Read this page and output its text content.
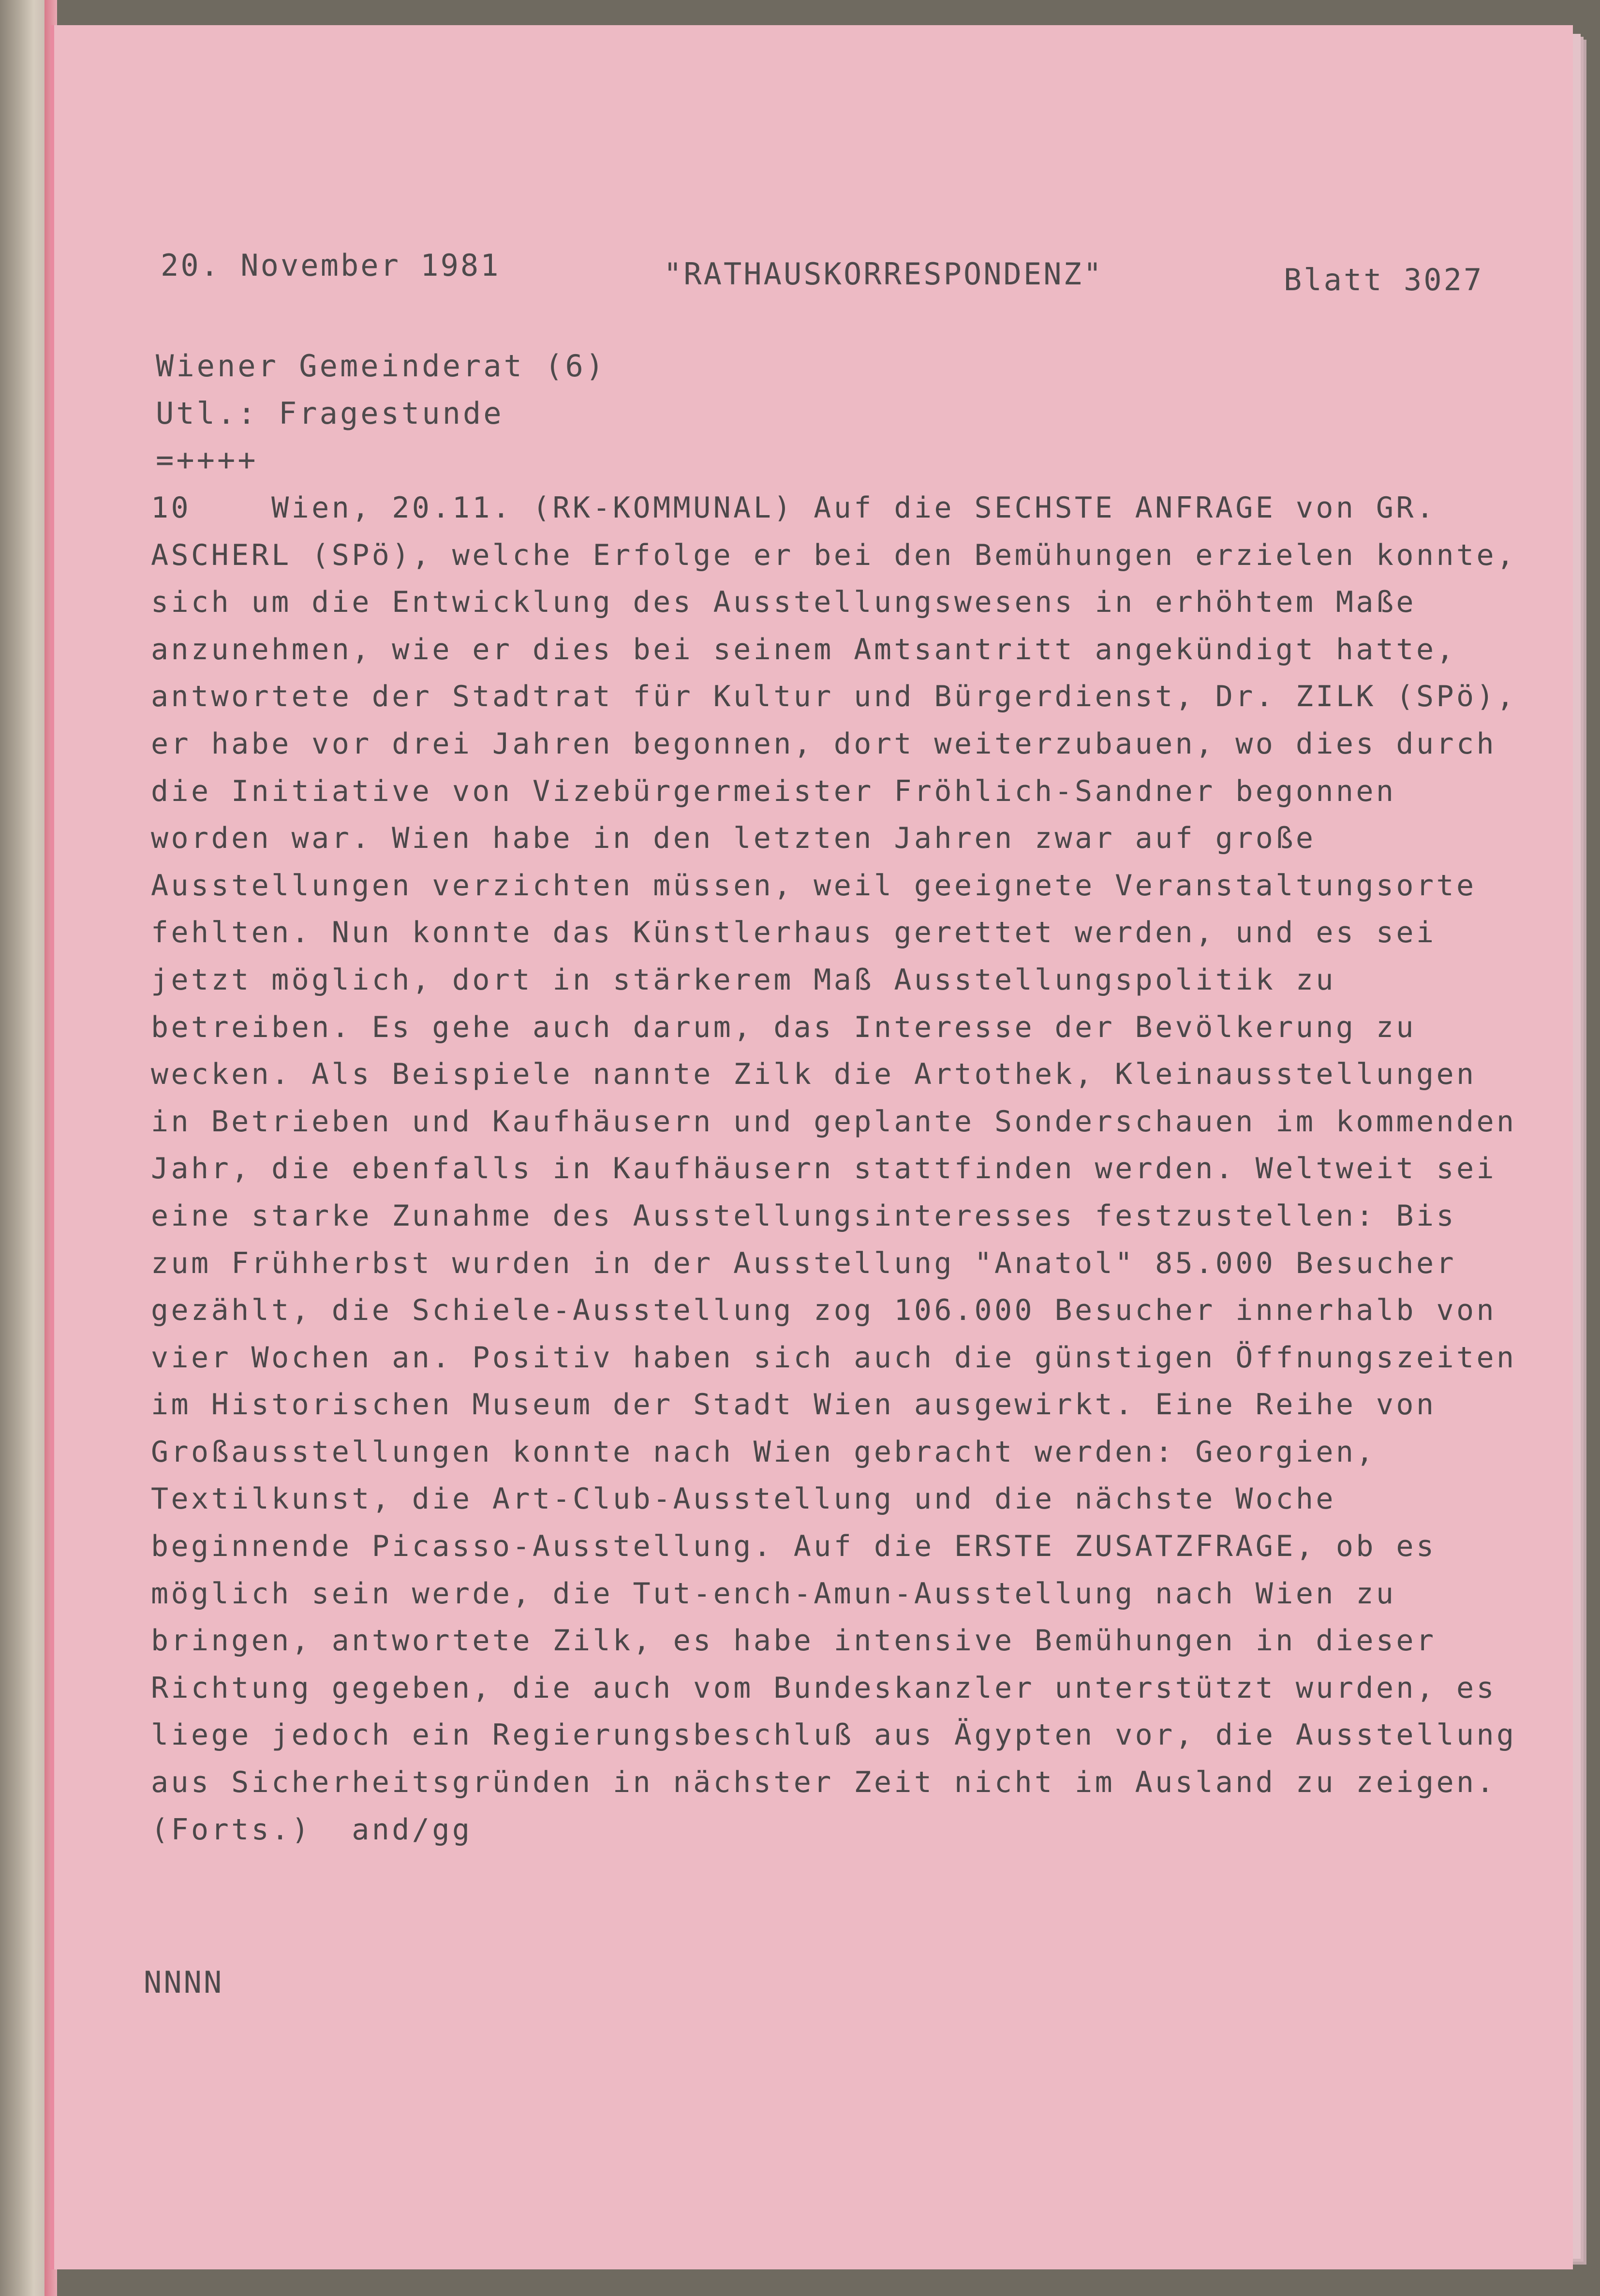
20. November 1981	"RATHAUSKORRESPONDENZ"	Blatt 3027
Wiener Gemeinderat (6)
Utl.: Fragestunde
=++++
10    Wien, 20.11. (RK-KOMMUNAL) Auf die SECHSTE ANFRAGE von GR.
ASCHERL (SPö), welche Erfolge er bei den Bemühungen erzielen konnte,
sich um die Entwicklung des Ausstellungswesens in erhöhtem Maße
anzunehmen, wie er dies bei seinem Amtsantritt angekündigt hatte,
antwortete der Stadtrat für Kultur und Bürgerdienst, Dr. ZILK (SPö),
er habe vor drei Jahren begonnen, dort weiterzubauen, wo dies durch
die Initiative von Vizebürgermeister Fröhlich-Sandner begonnen
worden war. Wien habe in den letzten Jahren zwar auf große
Ausstellungen verzichten müssen, weil geeignete Veranstaltungsorte
fehlten. Nun konnte das Künstlerhaus gerettet werden, und es sei
jetzt möglich, dort in stärkerem Maß Ausstellungspolitik zu
betreiben. Es gehe auch darum, das Interesse der Bevölkerung zu
wecken. Als Beispiele nannte Zilk die Artothek, Kleinausstellungen
in Betrieben und Kaufhäusern und geplante Sonderschauen im kommenden
Jahr, die ebenfalls in Kaufhäusern stattfinden werden. Weltweit sei
eine starke Zunahme des Ausstellungsinteresses festzustellen: Bis
zum Frühherbst wurden in der Ausstellung "Anatol" 85.000 Besucher
gezählt, die Schiele-Ausstellung zog 106.000 Besucher innerhalb von
vier Wochen an. Positiv haben sich auch die günstigen Öffnungszeiten
im Historischen Museum der Stadt Wien ausgewirkt. Eine Reihe von
Großausstellungen konnte nach Wien gebracht werden: Georgien,
Textilkunst, die Art-Club-Ausstellung und die nächste Woche
beginnende Picasso-Ausstellung. Auf die ERSTE ZUSATZFRAGE, ob es
möglich sein werde, die Tut-ench-Amun-Ausstellung nach Wien zu
bringen, antwortete Zilk, es habe intensive Bemühungen in dieser
Richtung gegeben, die auch vom Bundeskanzler unterstützt wurden, es
liege jedoch ein Regierungsbeschluß aus Ägypten vor, die Ausstellung
aus Sicherheitsgründen in nächster Zeit nicht im Ausland zu zeigen.
(Forts.)  and/gg
NNNN
